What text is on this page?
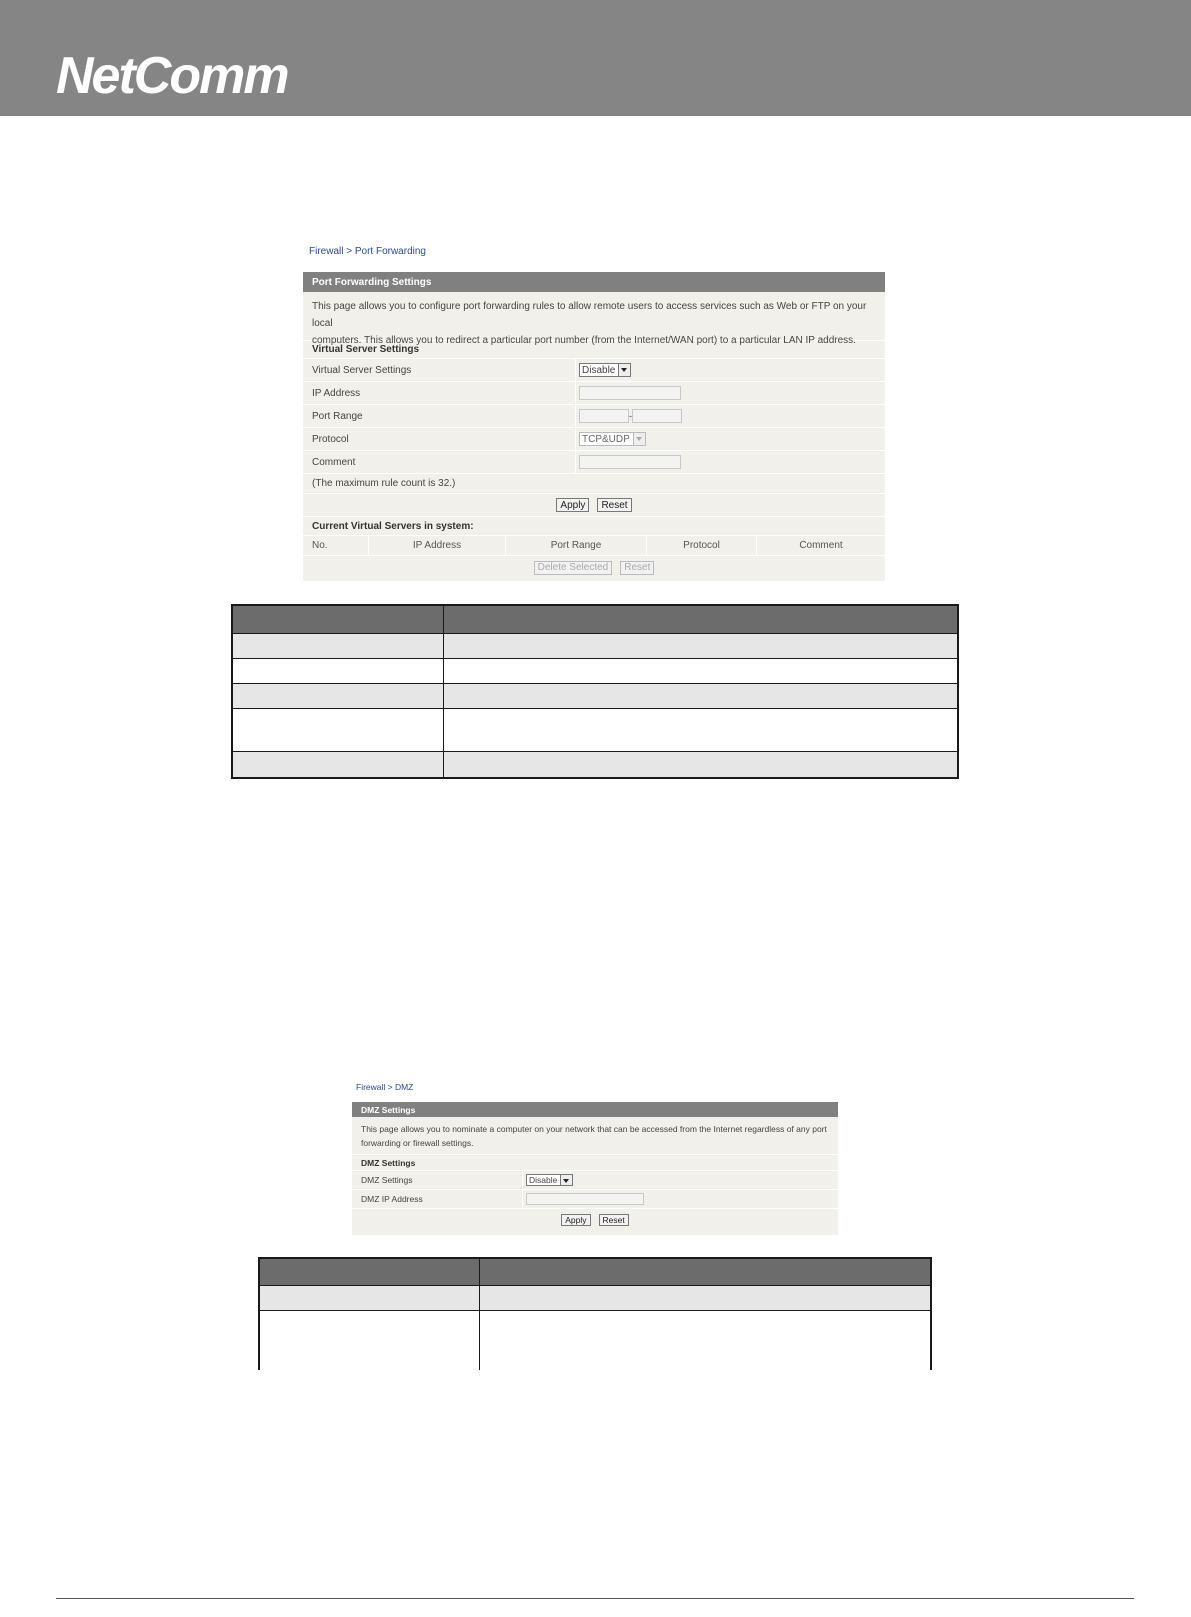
NetComm
Firewall > Port Forwarding
Port Forwarding Settings
This page allows you to configure port forwarding rules to allow remote users to access services such as Web or FTP on your local
computers. This allows you to redirect a particular port number (from the Internet/WAN port) to a particular LAN IP address.
Virtual Server Settings
Virtual Server Settings	Disable
IP Address
Port Range	-
Protocol	TCP&UDP
Comment
(The maximum rule count is 32.)
Apply	Reset
Current Virtual Servers in system:
No.	IP Address	Port Range	Protocol	Comment
Delete Selected	Reset
Firewall > DMZ
DMZ Settings
This page allows you to nominate a computer on your network that can be accessed from the Internet regardless of any port
forwarding or firewall settings.
DMZ Settings
DMZ Settings	Disable
DMZ IP Address
Apply	Reset
